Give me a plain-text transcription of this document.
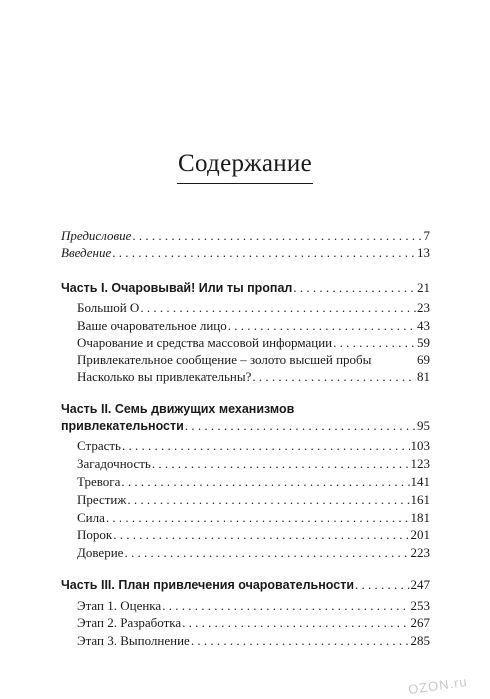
Содержание
Предисловие . . .	7
Введение . . .	13
Часть I. Очаровывай! Или ты пропал . . .	21
Большой О . . .	23
Ваше очаровательное лицо . . .	43
Очарование и средства массовой информации . . .	59
Привлекательное сообщение – золото высшей пробы	69
Насколько вы привлекательны? . . .	81
Часть II. Семь движущих механизмов
привлекательности . . .	95
Страсть . . .	103
Загадочность . . .	123
Тревога . . .	141
Престиж . . .	161
Сила . . .	181
Порок . . .	201
Доверие . . .	223
Часть III. План привлечения очаровательности . . .	247
Этап 1. Оценка . . .	253
Этап 2. Разработка . . .	267
Этап 3. Выполнение . . .	285
OZON.ru
